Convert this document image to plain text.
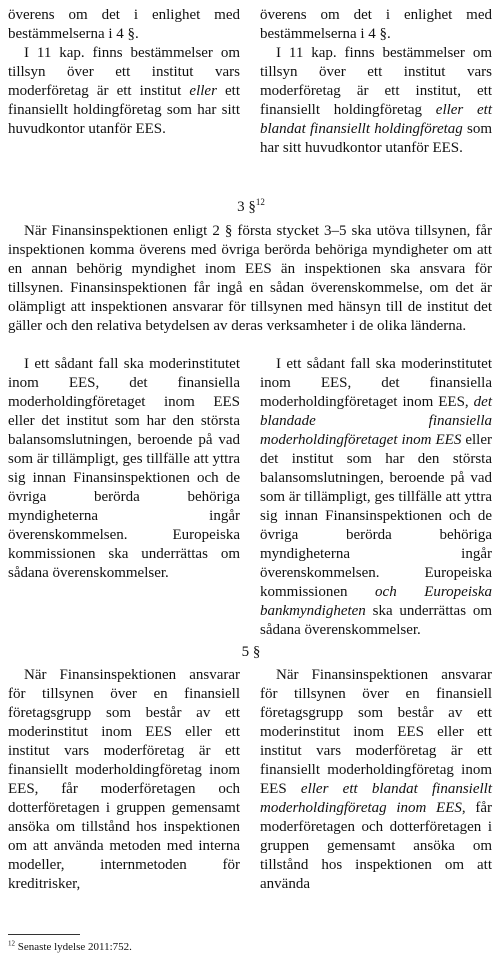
överens om det i enlighet med bestämmelserna i 4 §.

I 11 kap. finns bestämmelser om tillsyn över ett institut vars moderföretag är ett institut eller ett finansiellt holdingföretag som har sitt huvudkontor utanför EES.

överens om det i enlighet med bestämmelserna i 4 §.

I 11 kap. finns bestämmelser om tillsyn över ett institut vars moderföretag är ett institut, ett finansiellt holdingföretag eller ett blandat finansiellt holdingföretag som har sitt huvudkontor utanför EES.

3 §$^{12}$

När Finansinspektionen enligt 2 § första stycket 3–5 ska utöva tillsynen, får inspektionen komma överens med övriga berörda behöriga myndigheter om att en annan behörig myndighet inom EES än inspektionen ska ansvara för tillsynen. Finansinspektionen får ingå en sådan överenskommelse, om det är olämpligt att inspektionen ansvarar för tillsynen med hänsyn till de institut det gäller och den relativa betydelsen av deras verksamheter i de olika länderna.

I ett sådant fall ska moderinstitutet inom EES, det finansiella moderholdingföretaget inom EES eller det institut som har den största balansomslutningen, beroende på vad som är tillämpligt, ges tillfälle att yttra sig innan Finansinspektionen och de övriga berörda behöriga myndigheterna ingår överenskommelsen. Europeiska kommissionen ska underrättas om sådana överenskommelser.

I ett sådant fall ska moderinstitutet inom EES, det finansiella moderholdingföretaget inom EES, det blandade finansiella moderholdingföretaget inom EES eller det institut som har den största balansomslutningen, beroende på vad som är tillämpligt, ges tillfälle att yttra sig innan Finansinspektionen och de övriga berörda behöriga myndigheterna ingår överenskommelsen. Europeiska kommissionen och Europeiska bankmyndigheten ska underrättas om sådana överenskommelser.

5 §

När Finansinspektionen ansvarar för tillsynen över en finansiell företagsgrupp som består av ett moderinstitut inom EES eller ett institut vars moderföretag är ett finansiellt moderholdingföretag inom EES, får moderföretagen och dotterföretagen i gruppen gemensamt ansöka om tillstånd hos inspektionen om att använda metoden med interna modeller, internmetoden för kreditrisker,

När Finansinspektionen ansvarar för tillsynen över en finansiell företagsgrupp som består av ett moderinstitut inom EES eller ett institut vars moderföretag är ett finansiellt moderholdingföretag inom EES eller ett blandat finansiellt moderholdingföretag inom EES, får moderföretagen och dotterföretagen i gruppen gemensamt ansöka om tillstånd hos inspektionen om att använda

$^{12}$ Senaste lydelse 2011:752.
